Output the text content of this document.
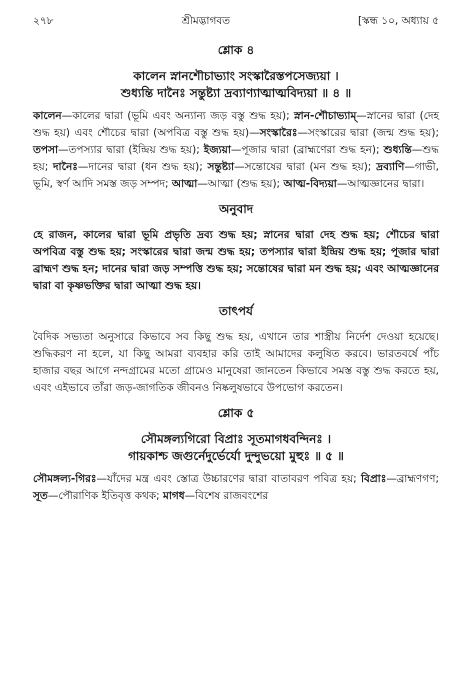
২৭৮	শ্রীমদ্ভাগবত	[স্কন্ধ ১০, অধ্যায় ৫
শ্লোক ৪
কালেন স্নানশৌচাভ্যাং সংস্কারৈস্তপসেজ্যয়া ।
শুধ্যন্তি দানৈঃ সন্তুষ্ট্যা দ্রব্যাণ্যাত্মাত্মবিদ্যয়া ॥ ৪ ॥
কালেন—কালের দ্বারা (ভূমি এবং অন্যান্য জড় বস্তু শুদ্ধ হয়); স্নান-শৌচাভ্যাম্—স্নানের দ্বারা (দেহ শুদ্ধ হয়) এবং শৌচের দ্বারা (অপবিত্র বস্তু শুদ্ধ হয়)—সংস্কারৈঃ—সংস্কারের দ্বারা (জন্ম শুদ্ধ হয়); তপসা—তপস্যার দ্বারা (ইন্দ্রিয় শুদ্ধ হয়); ইজ্যয়া—পূজার দ্বারা (ব্রাহ্মণেরা শুদ্ধ হন); শুধ্যন্তি—শুদ্ধ হয়; দানৈঃ—দানের দ্বারা (ধন শুদ্ধ হয়); সন্তুষ্ট্যা—সন্তোষের দ্বারা (মন শুদ্ধ হয়); দ্রব্যাণি—গাভী, ভূমি, স্বর্ণ আদি সমস্ত জড় সম্পদ; আত্মা—আত্মা (শুদ্ধ হয়); আত্ম-বিদ্যয়া—আত্মজ্ঞানের দ্বারা।
অনুবাদ
হে রাজন, কালের দ্বারা ভূমি প্রভৃতি দ্রব্য শুদ্ধ হয়; স্নানের দ্বারা দেহ শুদ্ধ হয়; শৌচের দ্বারা অপবিত্র বস্তু শুদ্ধ হয়; সংস্কারের দ্বারা জন্ম শুদ্ধ হয়; তপস্যার দ্বারা ইন্দ্রিয় শুদ্ধ হয়; পূজার দ্বারা ব্রাহ্মণ শুদ্ধ হন; দানের দ্বারা জড় সম্পত্তি শুদ্ধ হয়; সন্তোষের দ্বারা মন শুদ্ধ হয়; এবং আত্মজ্ঞানের দ্বারা বা কৃষ্ণভক্তির দ্বারা আত্মা শুদ্ধ হয়।
তাৎপর্য
বৈদিক সভ্যতা অনুসারে কিভাবে সব কিছু শুদ্ধ হয়, এখানে তার শাস্ত্রীয় নির্দেশ দেওয়া হয়েছে। শুদ্ধিকরণ না হলে, যা কিছু আমরা ব্যবহার করি তাই আমাদের কলুষিত করবে। ভারতবর্ষে পাঁচ হাজার বছর আগে নন্দগ্রামের মতো গ্রামেও মানুষেরা জানতেন কিভাবে সমস্ত বস্তু শুদ্ধ করতে হয়, এবং এইভাবে তাঁরা জড়-জাগতিক জীবনও নিষ্কলুষভাবে উপভোগ করতেন।
শ্লোক ৫
সৌমঙ্গল্যগিরো বিপ্রাঃ সূতমাগধবন্দিনঃ ।
গায়কাশ্চ জগুর্নেদুর্ভের্যো দুন্দুভয়ো মুহুঃ ॥ ৫ ॥
সৌমঙ্গল্য-গিরঃ—যাঁদের মন্ত্র এবং স্তোত্র উচ্চারণের দ্বারা বাতাবরণ পবিত্র হয়; বিপ্রাঃ—ব্রাহ্মণগণ; সূত—পৌরাণিক ইতিবৃত্ত কথক; মাগধ—বিশেষ রাজবংশের
